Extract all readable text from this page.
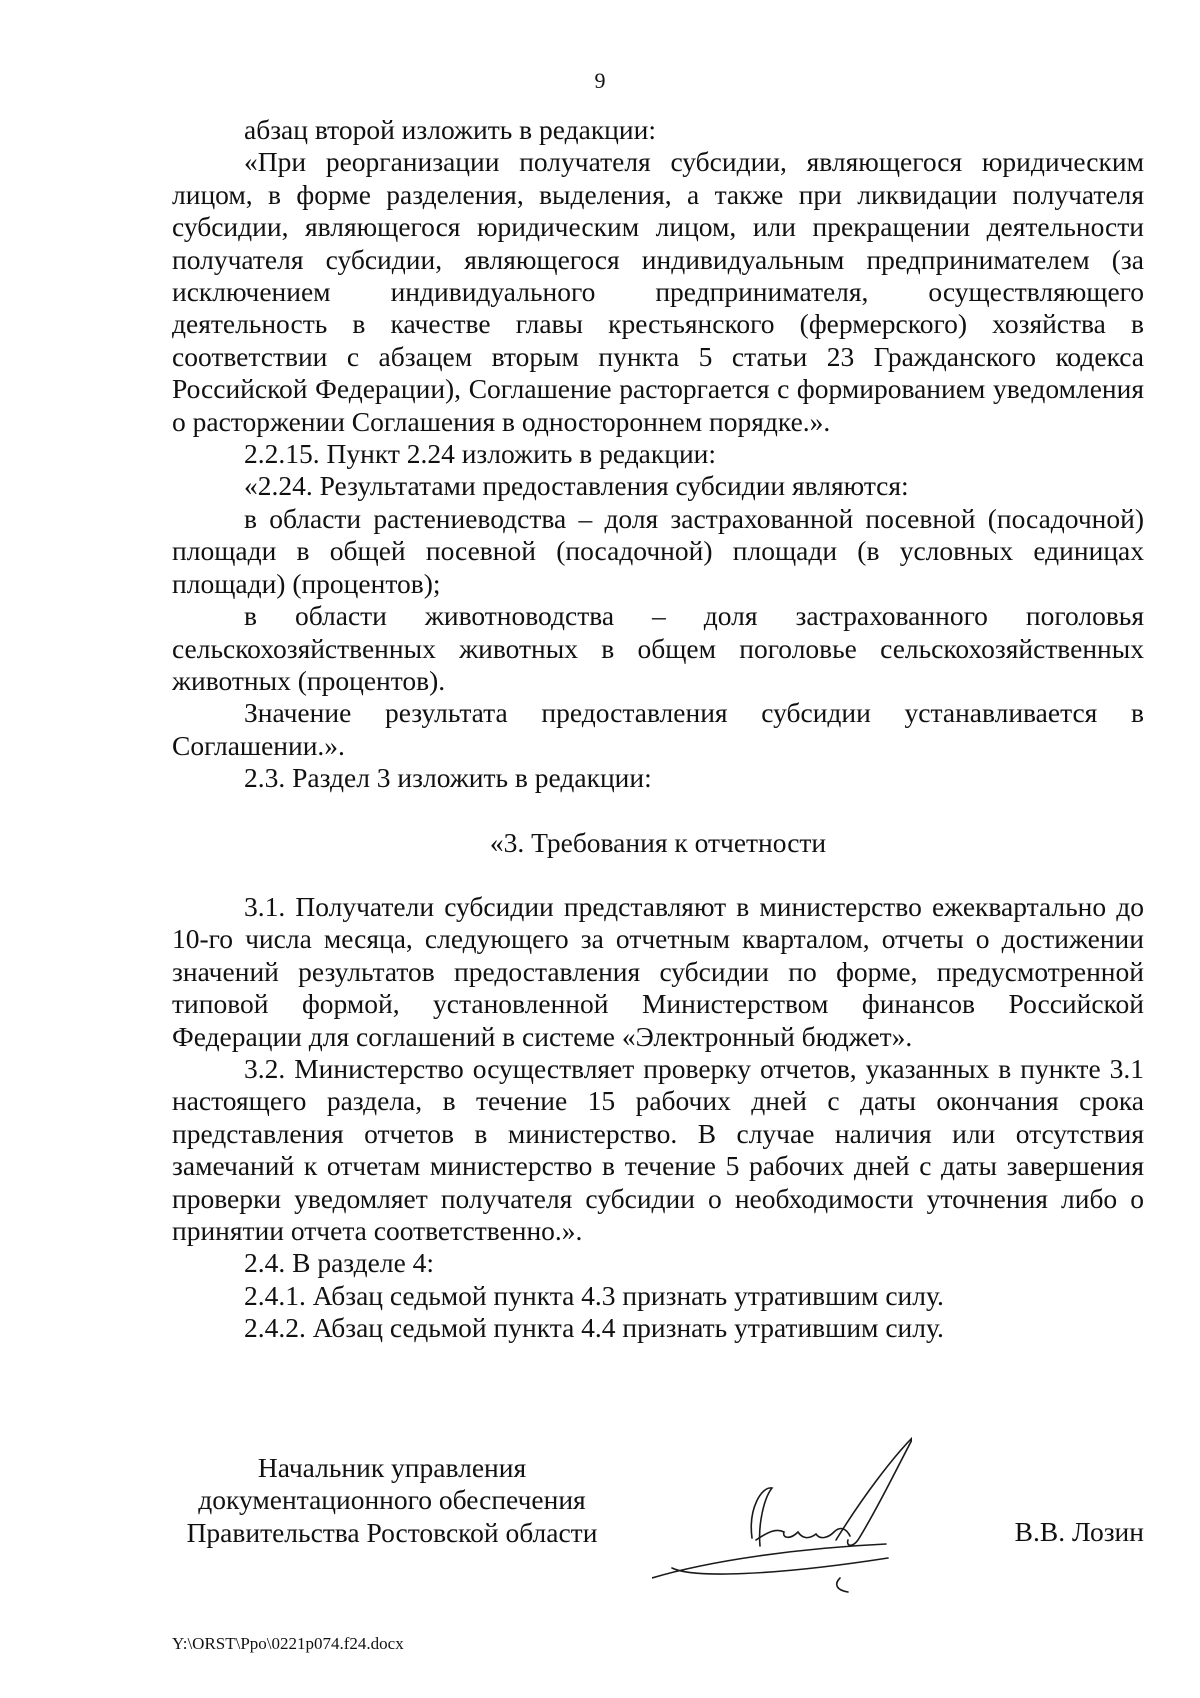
9

абзац второй изложить в редакции:

«При реорганизации получателя субсидии, являющегося юридическим лицом, в форме разделения, выделения, а также при ликвидации получателя субсидии, являющегося юридическим лицом, или прекращении деятельности получателя субсидии, являющегося индивидуальным предпринимателем (за исключением индивидуального предпринимателя, осуществляющего деятельность в качестве главы крестьянского (фермерского) хозяйства в соответствии с абзацем вторым пункта 5 статьи 23 Гражданского кодекса Российской Федерации), Соглашение расторгается с формированием уведомления о расторжении Соглашения в одностороннем порядке.».

2.2.15. Пункт 2.24 изложить в редакции:

«2.24. Результатами предоставления субсидии являются:

в области растениеводства – доля застрахованной посевной (посадочной) площади в общей посевной (посадочной) площади (в условных единицах площади) (процентов);

в области животноводства – доля застрахованного поголовья сельскохозяйственных животных в общем поголовье сельскохозяйственных животных (процентов).

Значение результата предоставления субсидии устанавливается в Соглашении.».

2.3. Раздел 3 изложить в редакции:

«3. Требования к отчетности

3.1. Получатели субсидии представляют в министерство ежеквартально до 10-го числа месяца, следующего за отчетным кварталом, отчеты о достижении значений результатов предоставления субсидии по форме, предусмотренной типовой формой, установленной Министерством финансов Российской Федерации для соглашений в системе «Электронный бюджет».

3.2. Министерство осуществляет проверку отчетов, указанных в пункте 3.1 настоящего раздела, в течение 15 рабочих дней с даты окончания срока представления отчетов в министерство. В случае наличия или отсутствия замечаний к отчетам министерство в течение 5 рабочих дней с даты завершения проверки уведомляет получателя субсидии о необходимости уточнения либо о принятии отчета соответственно.».

2.4. В разделе 4:

2.4.1. Абзац седьмой пункта 4.3 признать утратившим силу.

2.4.2. Абзац седьмой пункта 4.4 признать утратившим силу.

Начальник управления
документационного обеспечения
Правительства Ростовской области	В.В. Лозин
Y:\ORST\Ppo\0221p074.f24.docx
